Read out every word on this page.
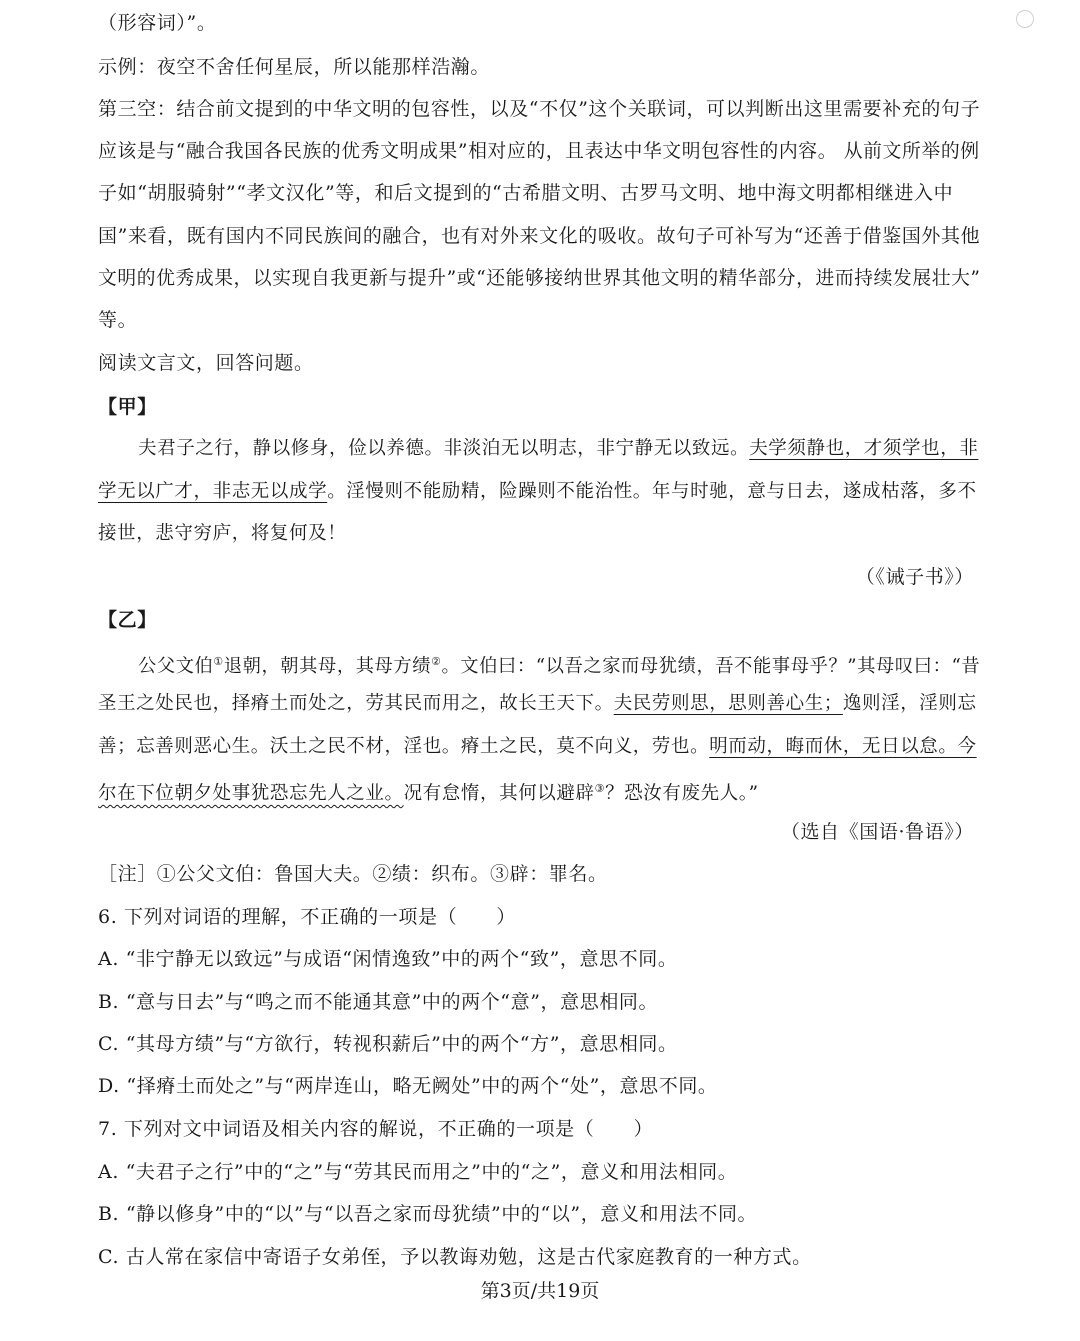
（形容词）”。
示例：夜空不舍任何星辰，所以能那样浩瀚。
第三空：结合前文提到的中华文明的包容性，以及“不仅”这个关联词，可以判断出这里需要补充的句子
应该是与“融合我国各民族的优秀文明成果”相对应的，且表达中华文明包容性的内容。 从前文所举的例
子如“胡服骑射”“孝文汉化”等，和后文提到的“古希腊文明、古罗马文明、地中海文明都相继进入中
国”来看，既有国内不同民族间的融合，也有对外来文化的吸收。故句子可补写为“还善于借鉴国外其他
文明的优秀成果，以实现自我更新与提升”或“还能够接纳世界其他文明的精华部分，进而持续发展壮大”
等。
阅读文言文，回答问题。
【甲】
夫君子之行，静以修身，俭以养德。非淡泊无以明志，非宁静无以致远。夫学须静也，才须学也，非
学无以广才，非志无以成学。淫慢则不能励精，险躁则不能治性。年与时驰，意与日去，遂成枯落，多不
接世，悲守穷庐，将复何及！
（《诫子书》）
【乙】
公父文伯①退朝，朝其母，其母方绩②。文伯曰：“以吾之家而母犹绩，吾不能事母乎？”其母叹曰：“昔
圣王之处民也，择瘠土而处之，劳其民而用之，故长王天下。夫民劳则思，思则善心生；逸则淫，淫则忘
善；忘善则恶心生。沃土之民不材，淫也。瘠土之民，莫不向义，劳也。明而动，晦而休，无日以怠。今
尔在下位朝夕处事犹恐忘先人之业。况有怠惰，其何以避辟③？恐汝有废先人。”
（选自《国语·鲁语》）
［注］①公父文伯：鲁国大夫。②绩：织布。③辟：罪名。
6. 下列对词语的理解，不正确的一项是（　　）
A. “非宁静无以致远”与成语“闲情逸致”中的两个“致”，意思不同。
B. “意与日去”与“鸣之而不能通其意”中的两个“意”，意思相同。
C. “其母方绩”与“方欲行，转视积薪后”中的两个“方”，意思相同。
D. “择瘠土而处之”与“两岸连山，略无阙处”中的两个“处”，意思不同。
7. 下列对文中词语及相关内容的解说，不正确的一项是（　　）
A. “夫君子之行”中的“之”与“劳其民而用之”中的“之”，意义和用法相同。
B. “静以修身”中的“以”与“以吾之家而母犹绩”中的“以”，意义和用法不同。
C. 古人常在家信中寄语子女弟侄，予以教诲劝勉，这是古代家庭教育的一种方式。
第3页/共19页
